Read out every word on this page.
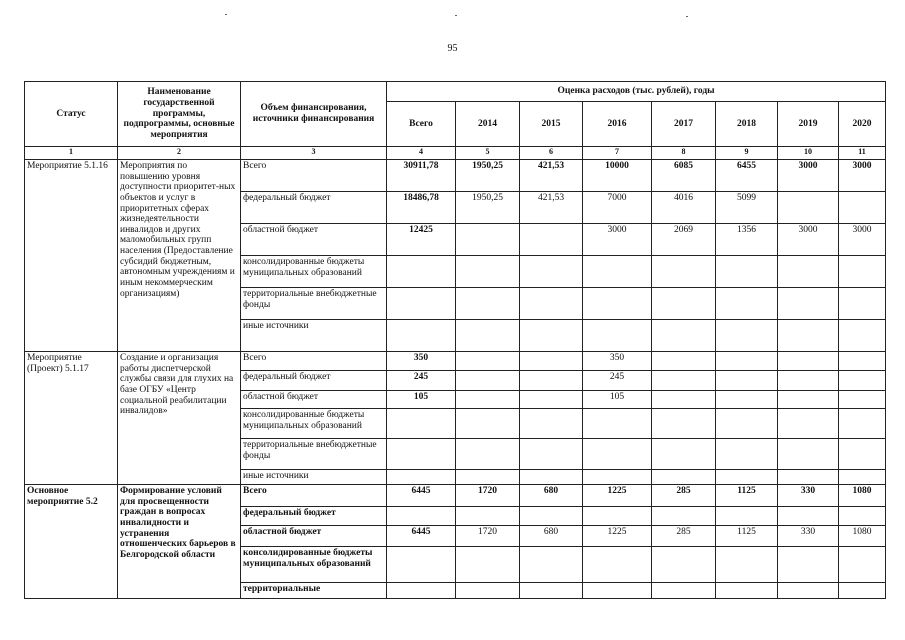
95
Статус	Наименование государственной программы, подпрограммы, основные мероприятия	Объем финансирования, источники финансирования	Оценка расходов (тыс. рублей), годы							
			Всего	2014	2015	2016	2017	2018	2019	2020
1	2	3	4	5	6	7	8	9	10	11
Мероприятие 5.1.16	Мероприятия по повышению уровня доступности приоритет-ных объектов и услуг в приоритетных сферах жизнедеятельности инвалидов и других маломобильных групп населения (Предоставление субсидий бюджетным, автономным учреждениям и иным некоммерческим организациям)	Всего	30911,78	1950,25	421,53	10000	6085	6455	3000	3000
		федеральный бюджет	18486,78	1950,25	421,53	7000	4016	5099		
		областной бюджет	12425			3000	2069	1356	3000	3000
		консолидированные бюджеты муниципальных образований								
		территориальные внебюджетные фонды								
		иные источники								
Мероприятие (Проект) 5.1.17	Создание и организация работы диспетчерской службы связи для глухих на базе ОГБУ «Центр социальной реабилитации инвалидов»	Всего	350			350				
		федеральный бюджет	245			245				
		областной бюджет	105			105				
		консолидированные бюджеты муниципальных образований								
		территориальные внебюджетные фонды								
		иные источники								
Основное мероприятие 5.2	Формирование условий для просвещенности граждан в вопросах инвалидности и устранения отношенческих барьеров в Белгородской области	Всего	6445	1720	680	1225	285	1125	330	1080
		федеральный бюджет								
		областной бюджет	6445	1720	680	1225	285	1125	330	1080
		консолидированные бюджеты муниципальных образований								
		территориальные								
